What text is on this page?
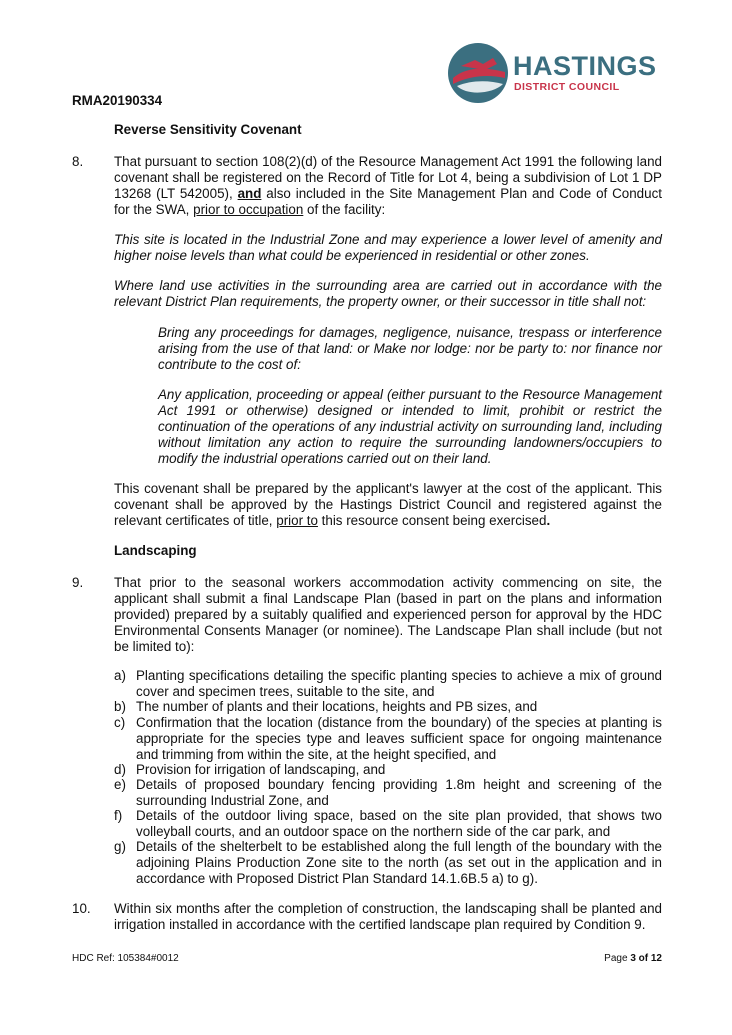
HASTINGS
DISTRICT COUNCIL
RMA20190334
Reverse Sensitivity Covenant
8. That pursuant to section 108(2)(d) of the Resource Management Act 1991 the following land covenant shall be registered on the Record of Title for Lot 4, being a subdivision of Lot 1 DP 13268 (LT 542005), and also included in the Site Management Plan and Code of Conduct for the SWA, prior to occupation of the facility:
This site is located in the Industrial Zone and may experience a lower level of amenity and higher noise levels than what could be experienced in residential or other zones.
Where land use activities in the surrounding area are carried out in accordance with the relevant District Plan requirements, the property owner, or their successor in title shall not:
Bring any proceedings for damages, negligence, nuisance, trespass or interference arising from the use of that land: or Make nor lodge: nor be party to: nor finance nor contribute to the cost of:
Any application, proceeding or appeal (either pursuant to the Resource Management Act 1991 or otherwise) designed or intended to limit, prohibit or restrict the continuation of the operations of any industrial activity on surrounding land, including without limitation any action to require the surrounding landowners/occupiers to modify the industrial operations carried out on their land.
This covenant shall be prepared by the applicant's lawyer at the cost of the applicant. This covenant shall be approved by the Hastings District Council and registered against the relevant certificates of title, prior to this resource consent being exercised.
Landscaping
9. That prior to the seasonal workers accommodation activity commencing on site, the applicant shall submit a final Landscape Plan (based in part on the plans and information provided) prepared by a suitably qualified and experienced person for approval by the HDC Environmental Consents Manager (or nominee). The Landscape Plan shall include (but not be limited to):
a) Planting specifications detailing the specific planting species to achieve a mix of ground cover and specimen trees, suitable to the site, and
b) The number of plants and their locations, heights and PB sizes, and
c) Confirmation that the location (distance from the boundary) of the species at planting is appropriate for the species type and leaves sufficient space for ongoing maintenance and trimming from within the site, at the height specified, and
d) Provision for irrigation of landscaping, and
e) Details of proposed boundary fencing providing 1.8m height and screening of the surrounding Industrial Zone, and
f) Details of the outdoor living space, based on the site plan provided, that shows two volleyball courts, and an outdoor space on the northern side of the car park, and
g) Details of the shelterbelt to be established along the full length of the boundary with the adjoining Plains Production Zone site to the north (as set out in the application and in accordance with Proposed District Plan Standard 14.1.6B.5 a) to g).
10. Within six months after the completion of construction, the landscaping shall be planted and irrigation installed in accordance with the certified landscape plan required by Condition 9.
HDC Ref: 105384#0012	Page 3 of 12
